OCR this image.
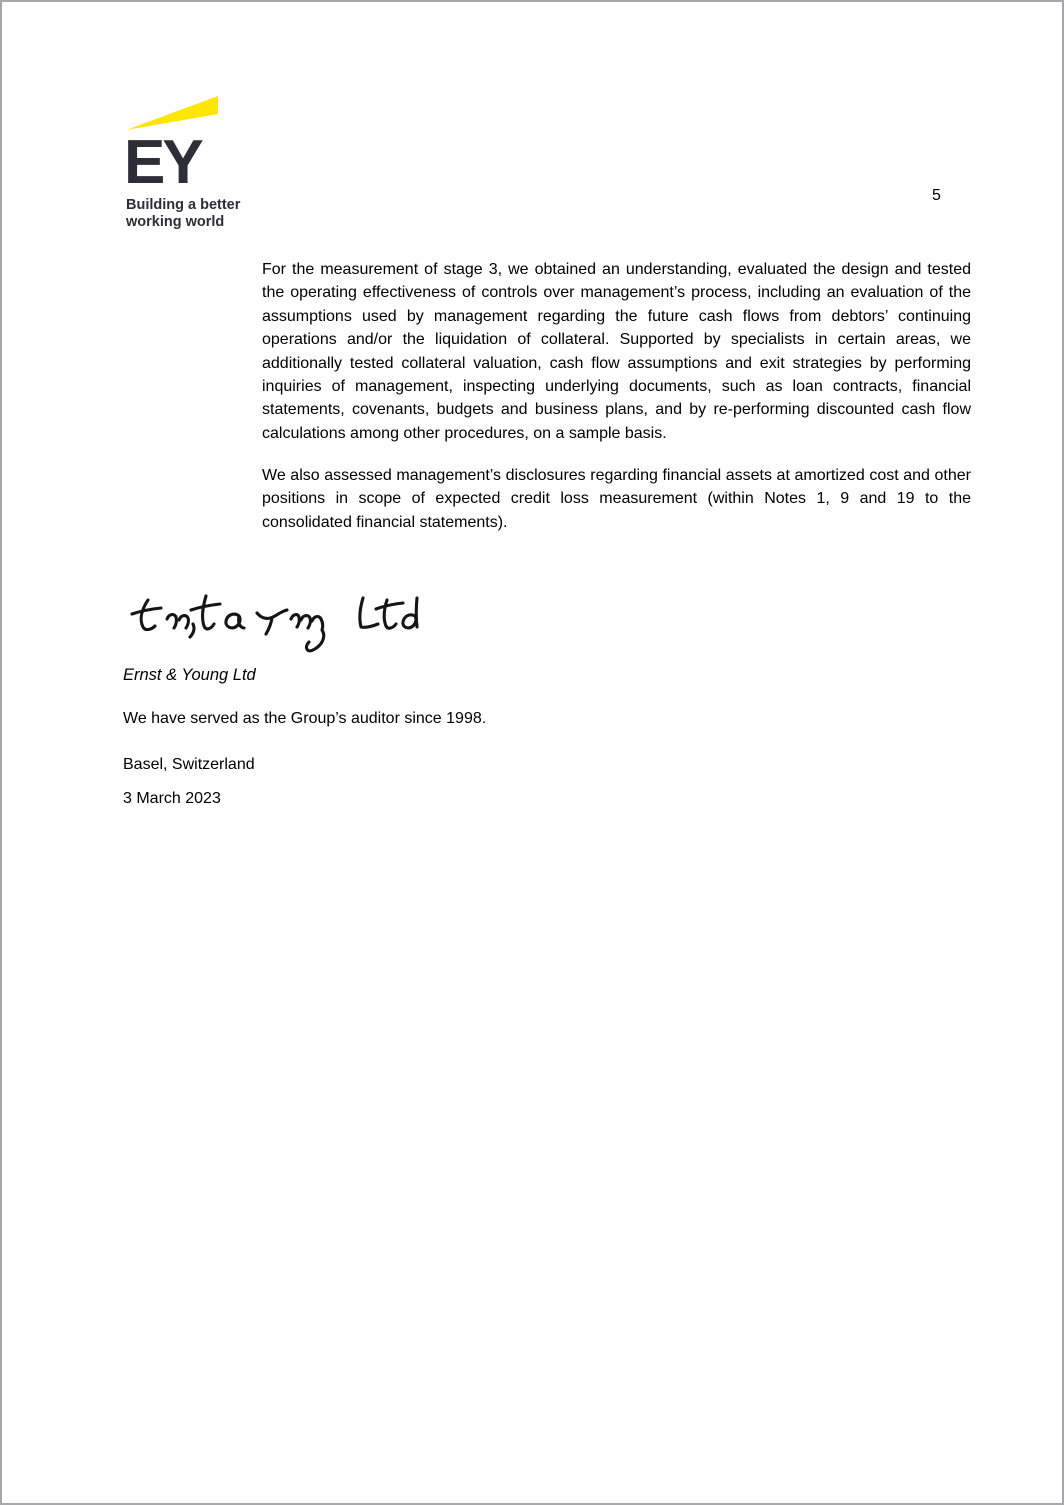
EY
Building a better
working world
5
For the measurement of stage 3, we obtained an understanding, evaluated the design and tested the operating effectiveness of controls over management’s process, including an evaluation of the assumptions used by management regarding the future cash flows from debtors’ continuing operations and/or the liquidation of collateral. Supported by specialists in certain areas, we additionally tested collateral valuation, cash flow assumptions and exit strategies by performing inquiries of management, inspecting underlying documents, such as loan contracts, financial statements, covenants, budgets and business plans, and by re-performing discounted cash flow calculations among other procedures, on a sample basis.
We also assessed management’s disclosures regarding financial assets at amortized cost and other positions in scope of expected credit loss measurement (within Notes 1, 9 and 19 to the consolidated financial statements).
Ernst & Young Ltd
We have served as the Group’s auditor since 1998.
Basel, Switzerland
3 March 2023
